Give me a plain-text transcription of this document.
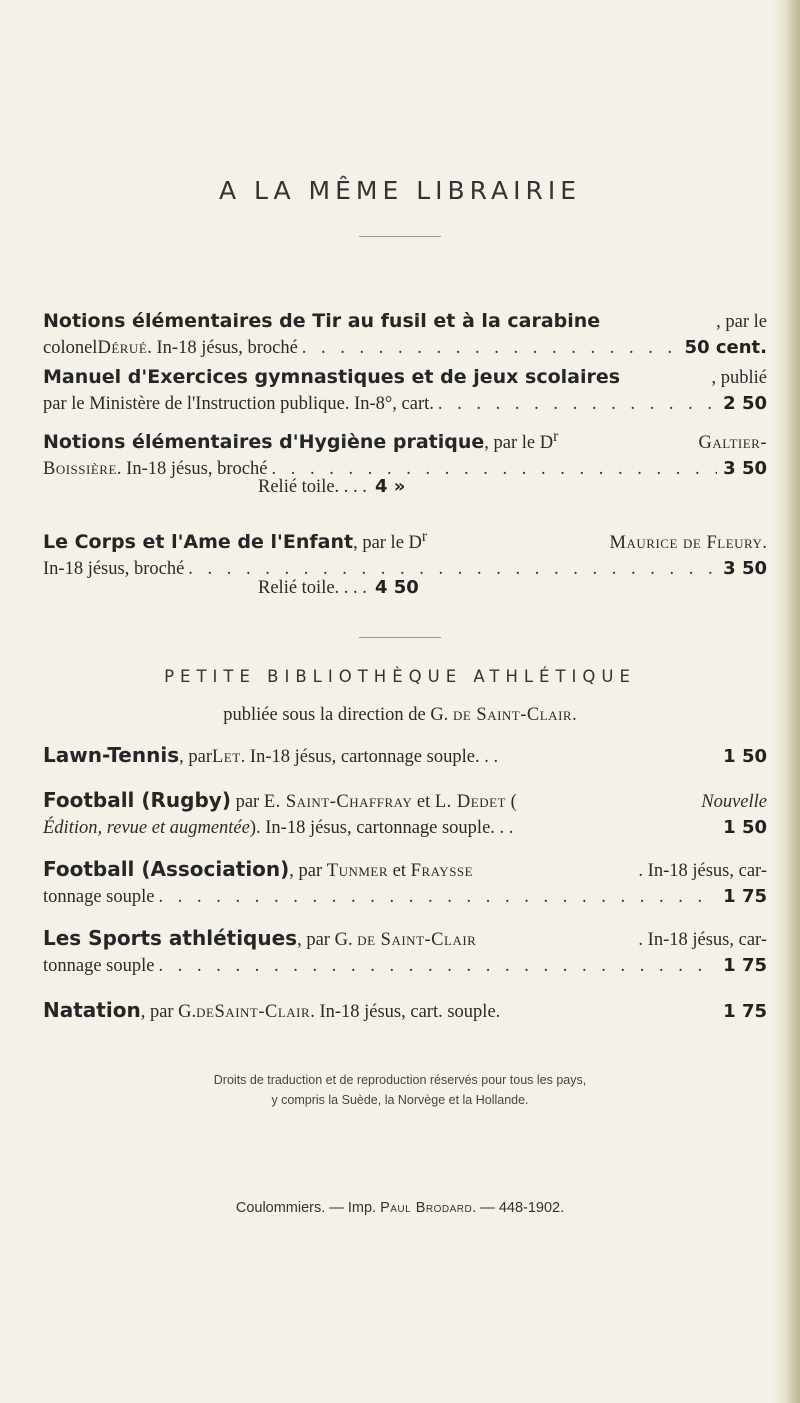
A LA MÊME LIBRAIRIE
Notions élémentaires de Tir au fusil et à la carabine	, par le
colonel Dérué . In-18 jésus, broché . . .	50 cent.
Manuel d'Exercices gymnastiques et de jeux scolaires	, publié
par le Ministère de l'Instruction publique. In-8°, cart. . . .	2 50
Notions élémentaires d'Hygiène pratique, par le $D^r$	Galtier-
Boissière . In-18 jésus, broché . . .	3 50
Relié toile. . . . 4 »
Le Corps et l'Ame de l'Enfant, par le $D^r$	Maurice de Fleury.
In-18 jésus, broché . . .	3 50
Relié toile. . . . 4 50
PETITE BIBLIOTHÈQUE ATHLÉTIQUE
publiée sous la direction de G. de Saint-Clair.
Lawn-Tennis , par Let . In-18 jésus, cartonnage souple. . .	1 50
Football (Rugby) par E. Saint-Chaffray et L. Dedet (	Nouvelle
Édition, revue et augmentée ). In-18 jésus, cartonnage souple. . .	1 50
Football (Association), par Tunmer et Fraysse	. In-18 jésus, car-
tonnage souple . . .	1 75
Les Sports athlétiques, par G. de Saint-Clair	. In-18 jésus, car-
tonnage souple . . .	1 75
Natation , par G. de Saint-Clair . In-18 jésus, cart. souple.	1 75
Droits de traduction et de reproduction réservés pour tous les pays,
y compris la Suède, la Norvège et la Hollande.
Coulommiers. — Imp. Paul Brodard. — 448-1902.
